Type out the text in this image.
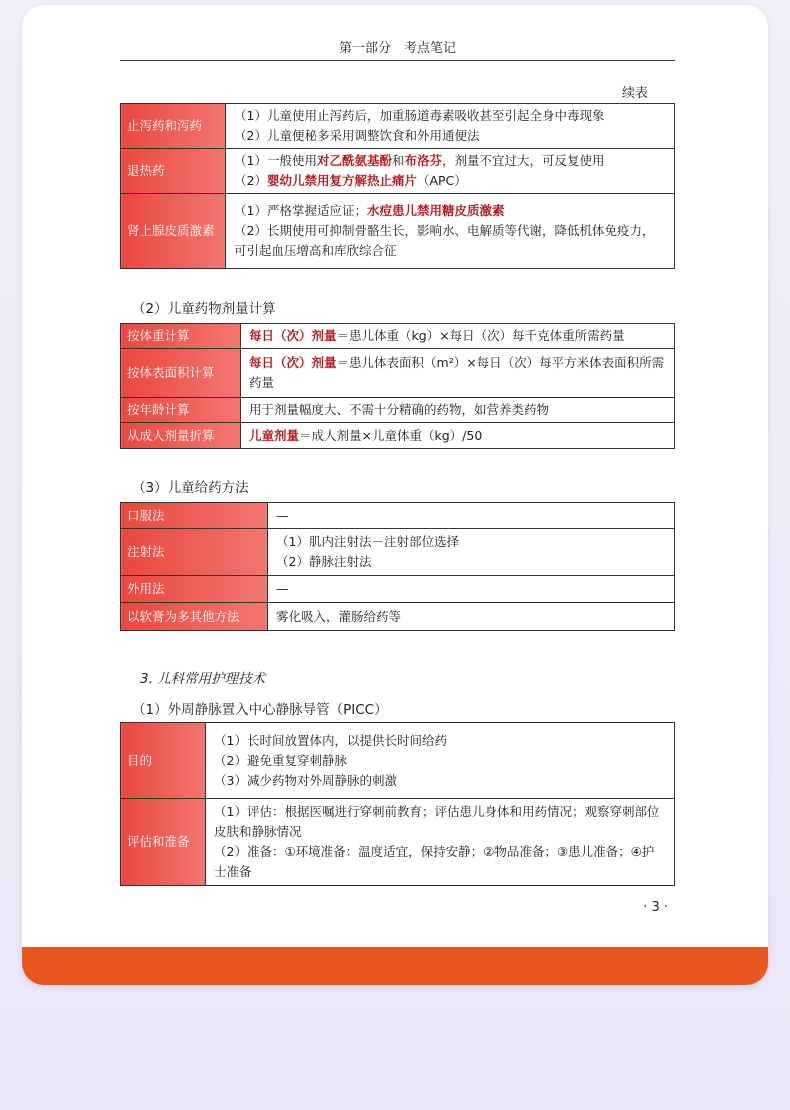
第一部分　考点笔记
续表
止泻药和泻药	（1）儿童使用止泻药后，加重肠道毒素吸收甚至引起全身中毒现象
（2）儿童便秘多采用调整饮食和外用通便法

退热药	（1）一般使用对乙酰氨基酚和布洛芬，剂量不宜过大，可反复使用
（2）婴幼儿禁用复方解热止痛片（APC）

肾上腺皮质激素	（1）严格掌握适应证；水痘患儿禁用糖皮质激素
（2）长期使用可抑制骨骼生长，影响水、电解质等代谢，降低机体免疫力，可引起血压增高和库欣综合征
（2）儿童药物剂量计算
按体重计算	每日（次）剂量＝患儿体重（kg）×每日（次）每千克体重所需药量

按体表面积计算	每日（次）剂量＝患儿体表面积（m²）×每日（次）每平方米体表面积所需药量

按年龄计算	用于剂量幅度大、不需十分精确的药物，如营养类药物

从成人剂量折算	儿童剂量＝成人剂量×儿童体重（kg）/50
（3）儿童给药方法
口服法	—

注射法	（1）肌内注射法－注射部位选择
（2）静脉注射法

外用法	—

以软膏为多其他方法	雾化吸入，灌肠给药等
3. 儿科常用护理技术
（1）外周静脉置入中心静脉导管（PICC）
目的	（1）长时间放置体内，以提供长时间给药
（2）避免重复穿刺静脉
（3）减少药物对外周静脉的刺激

评估和准备	（1）评估：根据医嘱进行穿刺前教育；评估患儿身体和用药情况；观察穿刺部位皮肤和静脉情况
（2）准备：①环境准备：温度适宜，保持安静；②物品准备；③患儿准备；④护士准备
· 3 ·
